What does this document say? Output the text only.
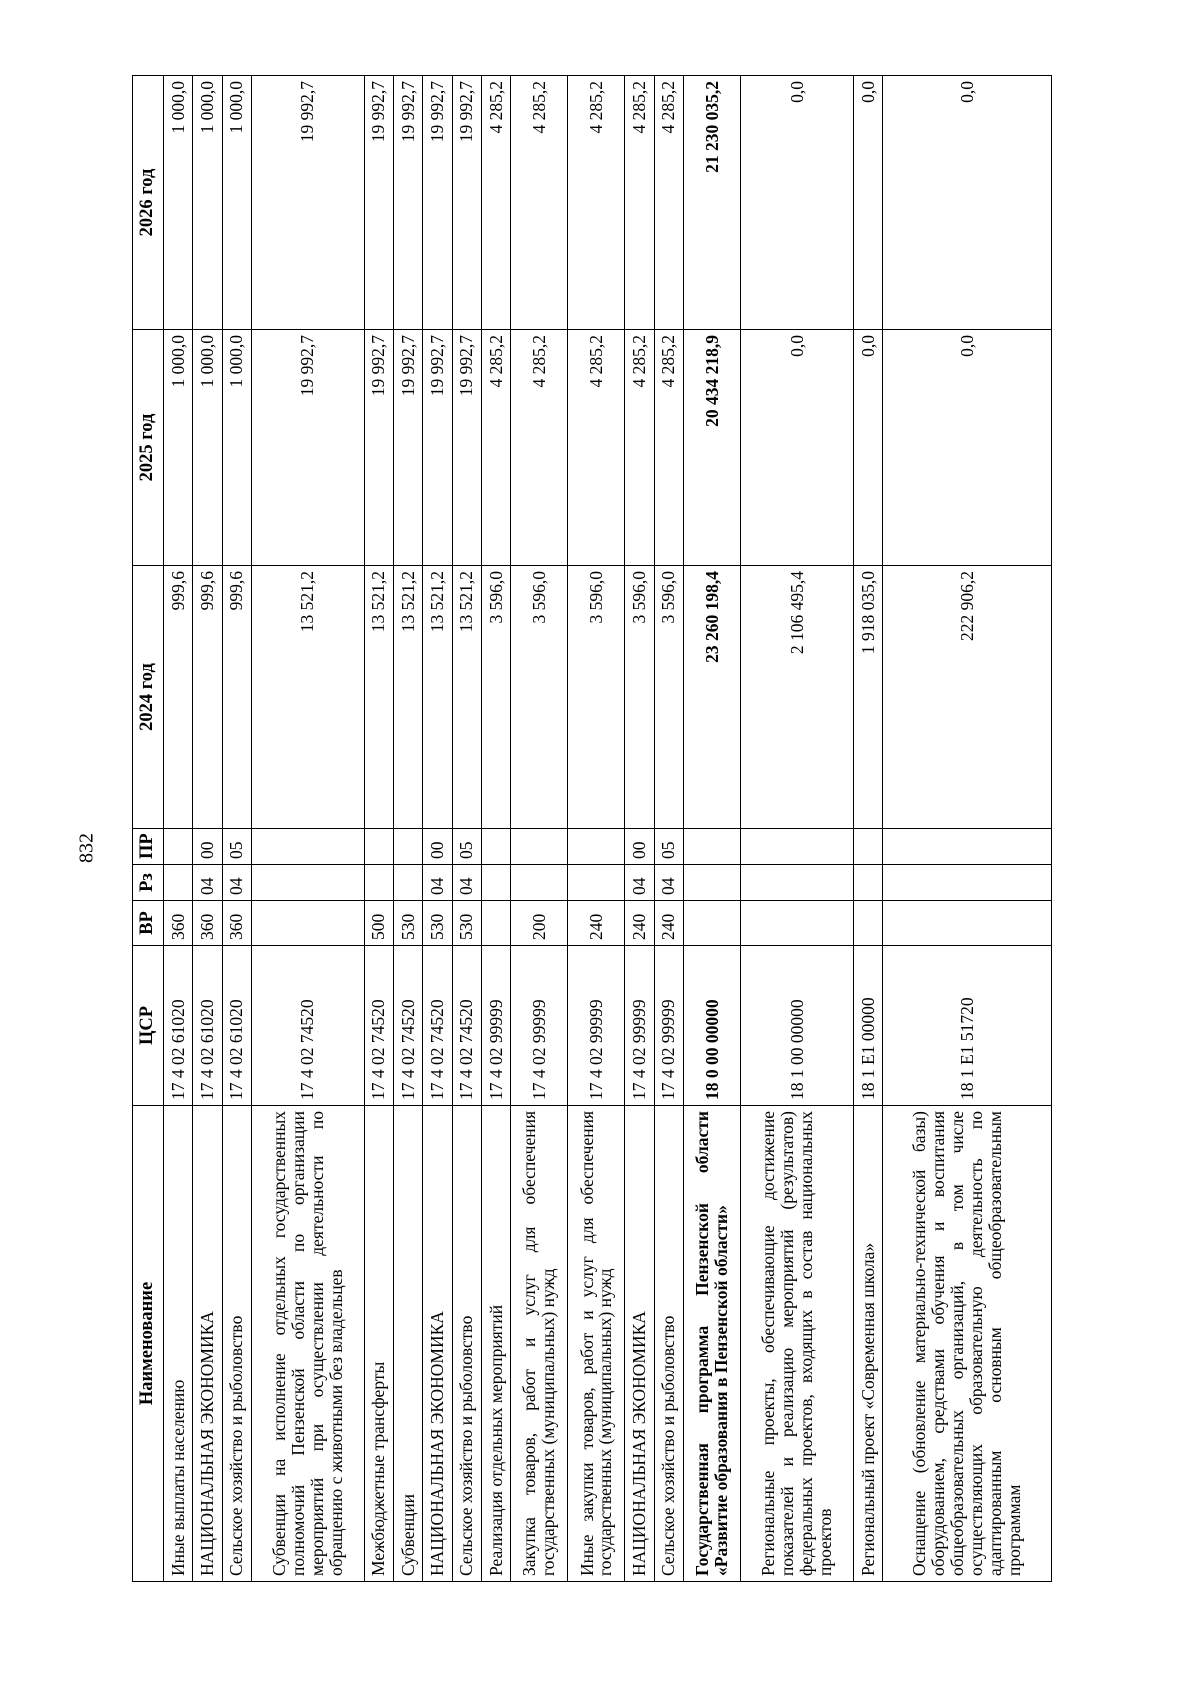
832
Наименование	ЦСР	ВР	Рз	ПР	2024 год	2025 год	2026 год
Иные выплаты населению	17 4 02 61020	360			999,6	1 000,0	1 000,0
НАЦИОНАЛЬНАЯ ЭКОНОМИКА	17 4 02 61020	360	04	00	999,6	1 000,0	1 000,0
Сельское хозяйство и рыболовство	17 4 02 61020	360	04	05	999,6	1 000,0	1 000,0
Субвенции на исполнение отдельных государственных полномочий Пензенской области по организации мероприятий при осуществлении деятельности по обращению с животными без владельцев	17 4 02 74520				13 521,2	19 992,7	19 992,7
Межбюджетные трансферты	17 4 02 74520	500			13 521,2	19 992,7	19 992,7
Субвенции	17 4 02 74520	530			13 521,2	19 992,7	19 992,7
НАЦИОНАЛЬНАЯ ЭКОНОМИКА	17 4 02 74520	530	04	00	13 521,2	19 992,7	19 992,7
Сельское хозяйство и рыболовство	17 4 02 74520	530	04	05	13 521,2	19 992,7	19 992,7
Реализация отдельных мероприятий	17 4 02 99999				3 596,0	4 285,2	4 285,2
Закупка товаров, работ и услуг для обеспечения государственных (муниципальных) нужд	17 4 02 99999	200			3 596,0	4 285,2	4 285,2
Иные закупки товаров, работ и услуг для обеспечения государственных (муниципальных) нужд	17 4 02 99999	240			3 596,0	4 285,2	4 285,2
НАЦИОНАЛЬНАЯ ЭКОНОМИКА	17 4 02 99999	240	04	00	3 596,0	4 285,2	4 285,2
Сельское хозяйство и рыболовство	17 4 02 99999	240	04	05	3 596,0	4 285,2	4 285,2
Государственная программа Пензенской области «Развитие образования в Пензенской области»	18 0 00 00000				23 260 198,4	20 434 218,9	21 230 035,2
Региональные проекты, обеспечивающие достижение показателей и реализацию мероприятий (результатов) федеральных проектов, входящих в состав национальных проектов	18 1 00 00000				2 106 495,4	0,0	0,0
Региональный проект «Современная школа»	18 1 Е1 00000				1 918 035,0	0,0	0,0
Оснащение (обновление материально-технической базы) оборудованием, средствами обучения и воспитания общеобразовательных организаций, в том числе осуществляющих образовательную деятельность по адаптированным основным общеобразовательным программам	18 1 Е1 51720				222 906,2	0,0	0,0
